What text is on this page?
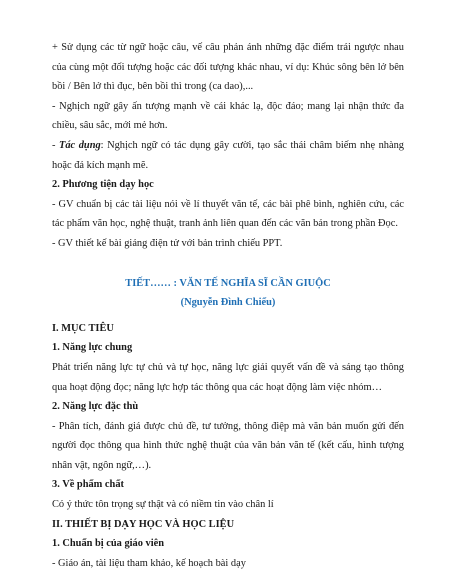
+ Sử dụng các từ ngữ hoặc câu, vế câu phản ánh những đặc điểm trái ngược nhau của cùng một đối tượng hoặc các đối tượng khác nhau, ví dụ: Khúc sông bên lở bên bồi / Bên lở thì đục, bên bồi thì trong (ca dao),...

- Nghịch ngữ gây ấn tượng mạnh về cái khác lạ, độc đáo; mang lại nhận thức đa chiều, sâu sắc, mới mẻ hơn.

- Tác dụng: Nghịch ngữ có tác dụng gây cười, tạo sắc thái châm biếm nhẹ nhàng hoặc đả kích mạnh mẽ.

2. Phương tiện dạy học

- GV chuẩn bị các tài liệu nói về lí thuyết văn tế, các bài phê bình, nghiên cứu, các tác phẩm văn học, nghệ thuật, tranh ảnh liên quan đến các văn bản trong phần Đọc.

- GV thiết kế bài giảng điện tử với bản trình chiếu PPT.

TIẾT…… : VĂN TẾ NGHĨA SĨ CẦN GIUỘC

(Nguyễn Đình Chiểu)

I. MỤC TIÊU

1. Năng lực chung

Phát triển năng lực tự chủ và tự học, năng lực giải quyết vấn đề và sáng tạo thông qua hoạt động đọc; năng lực hợp tác thông qua các hoạt động làm việc nhóm…

2. Năng lực đặc thù

- Phân tích, đánh giá được chủ đề, tư tưởng, thông điệp mà văn bản muốn gửi đến người đọc thông qua hình thức nghệ thuật của văn bản văn tế (kết cấu, hình tượng nhân vật, ngôn ngữ,…).

3. Về phẩm chất

Có ý thức tôn trọng sự thật và có niềm tin vào chân lí

II. THIẾT BỊ DẠY HỌC VÀ HỌC LIỆU

1. Chuẩn bị của giáo viên

- Giáo án, tài liệu tham khảo, kế hoạch bài dạy
